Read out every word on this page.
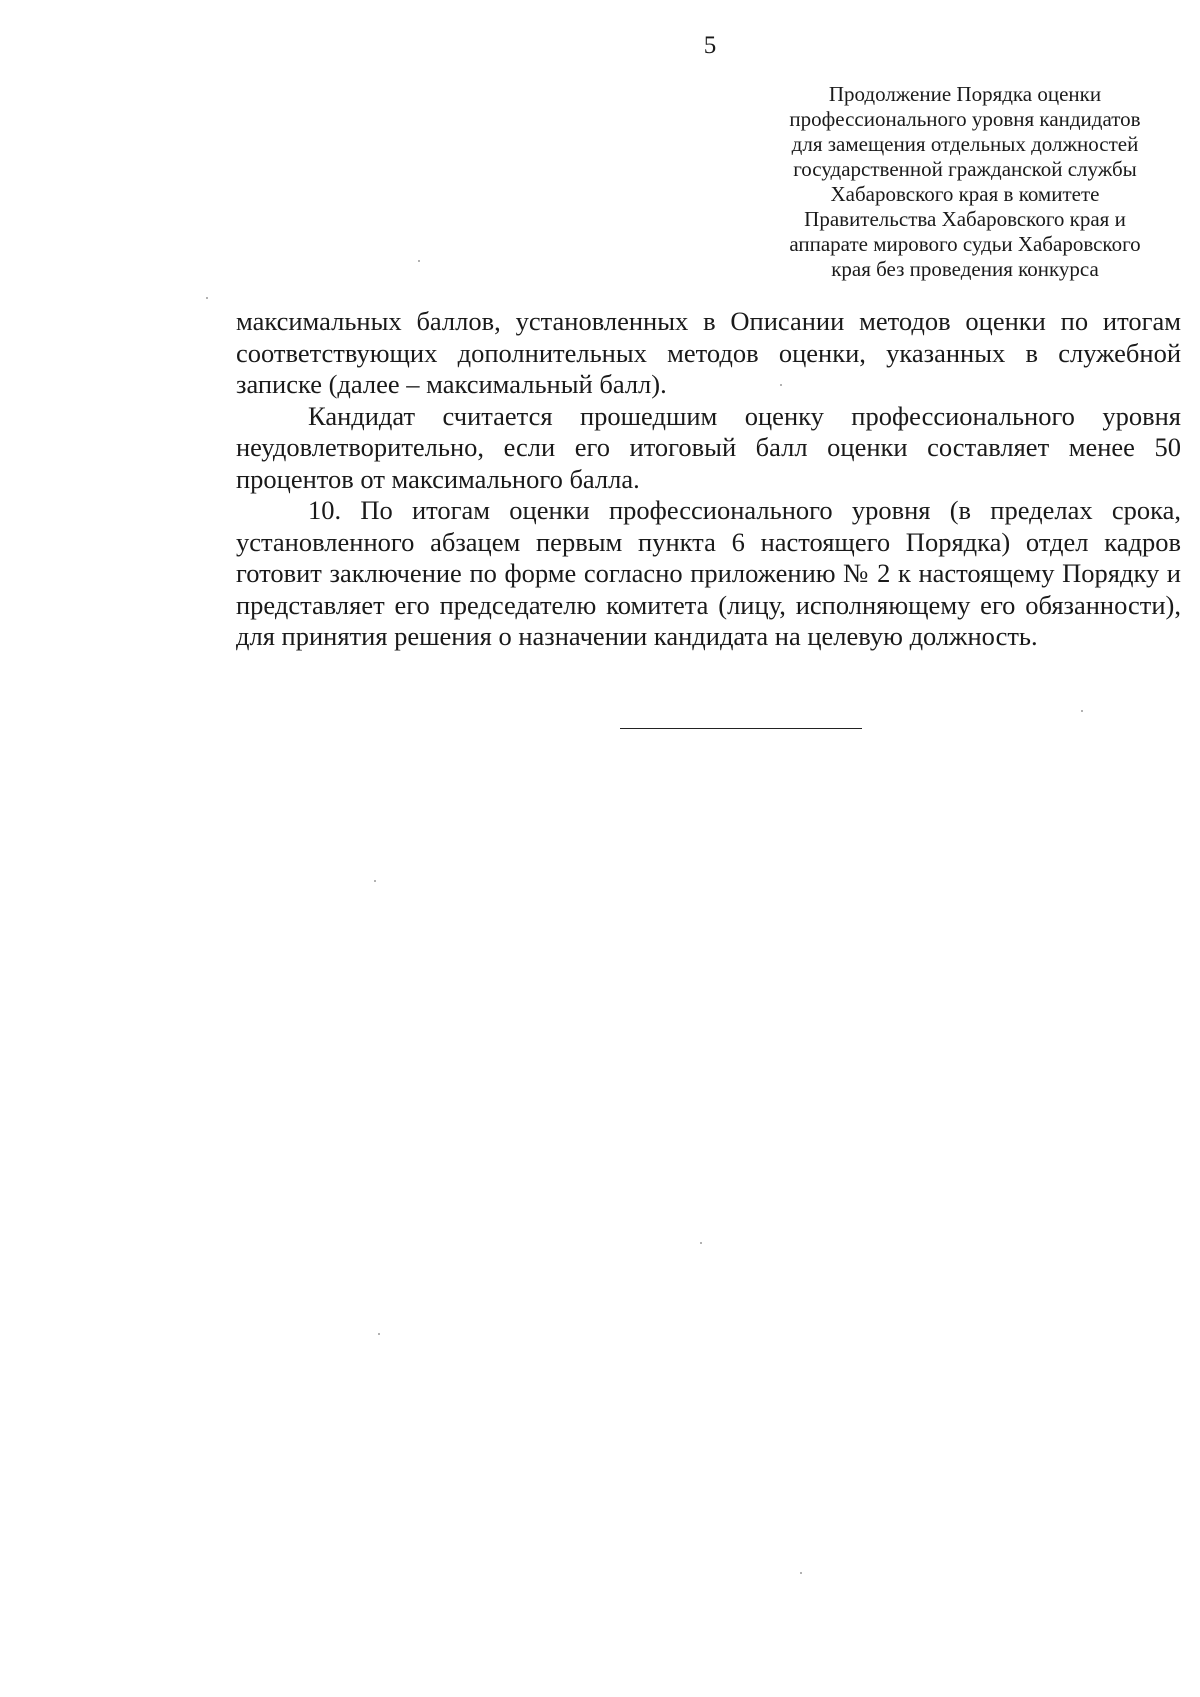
5
Продолжение Порядка оценки
профессионального уровня кандидатов
для замещения отдельных должностей
государственной гражданской службы
Хабаровского края в комитете
Правительства Хабаровского края и
аппарате мирового судьи Хабаровского
края без проведения конкурса

максимальных баллов, установленных в Описании методов оценки по итогам соответствующих дополнительных методов оценки, указанных в служебной записке (далее – максимальный балл).

Кандидат считается прошедшим оценку профессионального уровня неудовлетворительно, если его итоговый балл оценки составляет менее 50 процентов от максимального балла.

10. По итогам оценки профессионального уровня (в пределах срока, установленного абзацем первым пункта 6 настоящего Порядка) отдел кадров готовит заключение по форме согласно приложению № 2 к настоящему Порядку и представляет его председателю комитета (лицу, исполняющему его обязанности), для принятия решения о назначении кандидата на целевую должность.
